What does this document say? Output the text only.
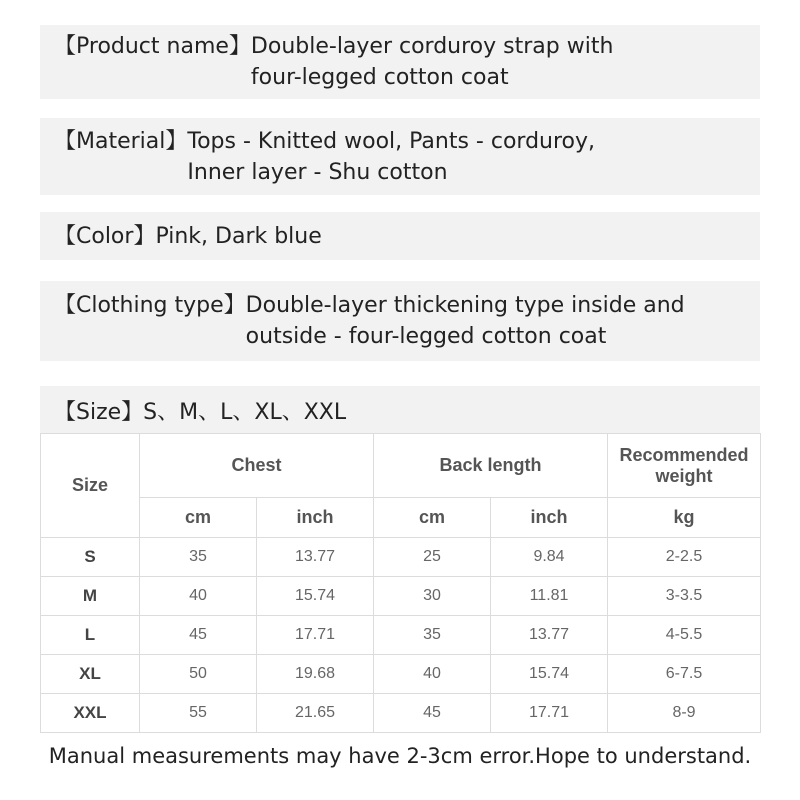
【Product name】 Double-layer corduroy strap with
four-legged cotton coat
【Material】 Tops - Knitted wool, Pants - corduroy,
Inner layer - Shu cotton
【Color】 Pink, Dark blue
【Clothing type】 Double-layer thickening type inside and
outside - four-legged cotton coat
【Size】 S、M、L、XL、XXL
Size	Chest		Back length		Recommended
weight
	cm	inch	cm	inch	kg
S	35	13.77	25	9.84	2-2.5
M	40	15.74	30	11.81	3-3.5
L	45	17.71	35	13.77	4-5.5
XL	50	19.68	40	15.74	6-7.5
XXL	55	21.65	45	17.71	8-9
Manual measurements may have 2-3cm error.Hope to understand.
